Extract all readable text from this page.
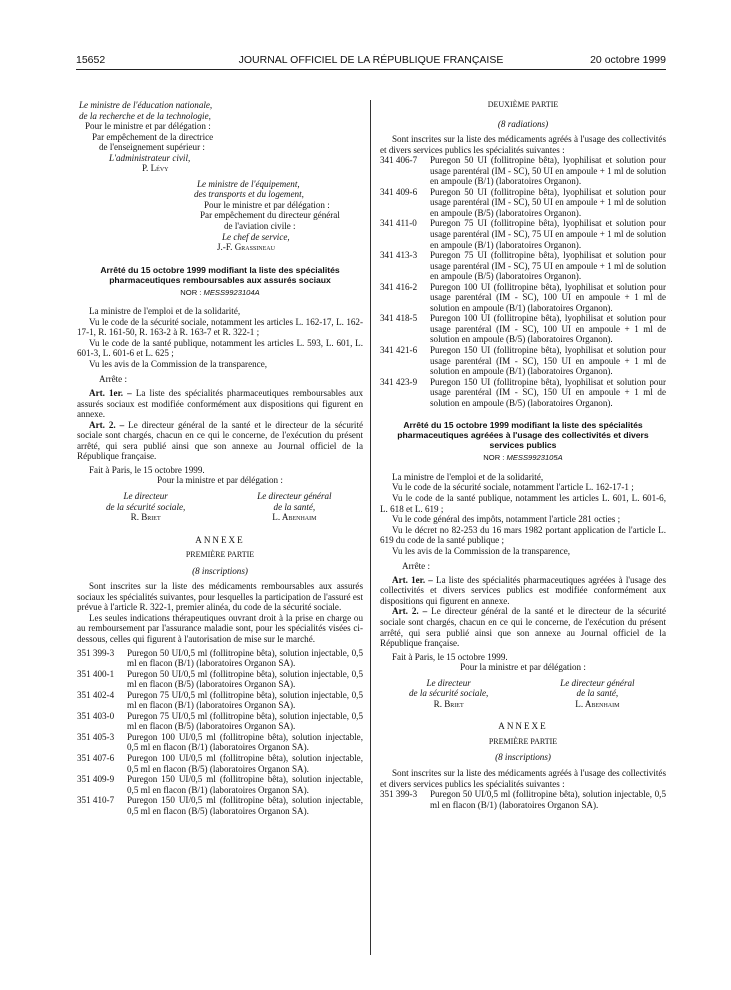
15652	JOURNAL OFFICIEL DE LA RÉPUBLIQUE FRANÇAISE	20 octobre 1999
Le ministre de l'éducation nationale,
de la recherche et de la technologie,
Pour le ministre et par délégation :
Par empêchement de la directrice
de l'enseignement supérieur :
L'administrateur civil,
P. Lévy
Le ministre de l'équipement,
des transports et du logement,
Pour le ministre et par délégation :
Par empêchement du directeur général
de l'aviation civile :
Le chef de service,
J.-F. Grassineau
Arrêté du 15 octobre 1999 modifiant la liste des spécialités pharmaceutiques remboursables aux assurés sociaux
NOR : MESS9923104A
La ministre de l'emploi et de la solidarité,
Vu le code de la sécurité sociale, notamment les articles L. 162-17, L. 162-17-1, R. 161-50, R. 163-2 à R. 163-7 et R. 322-1 ;
Vu le code de la santé publique, notamment les articles L. 593, L. 601, L. 601-3, L. 601-6 et L. 625 ;
Vu les avis de la Commission de la transparence,
Arrête :
Art. 1er. – La liste des spécialités pharmaceutiques remboursables aux assurés sociaux est modifiée conformément aux dispositions qui figurent en annexe.
Art. 2. – Le directeur général de la santé et le directeur de la sécurité sociale sont chargés, chacun en ce qui le concerne, de l'exécution du présent arrêté, qui sera publié ainsi que son annexe au Journal officiel de la République française.
Fait à Paris, le 15 octobre 1999.
Pour la ministre et par délégation :
Le directeur
de la sécurité sociale,
R. Briet
Le directeur général
de la santé,
L. Abenhaim
ANNEXE
PREMIÈRE PARTIE
(8 inscriptions)
Sont inscrites sur la liste des médicaments remboursables aux assurés sociaux les spécialités suivantes, pour lesquelles la participation de l'assuré est prévue à l'article R. 322-1, premier alinéa, du code de la sécurité sociale.
Les seules indications thérapeutiques ouvrant droit à la prise en charge ou au remboursement par l'assurance maladie sont, pour les spécialités visées ci-dessous, celles qui figurent à l'autorisation de mise sur le marché.
351 399-3	Puregon 50 UI/0,5 ml (follitropine bêta), solution injectable, 0,5 ml en flacon (B/1) (laboratoires Organon SA).
351 400-1	Puregon 50 UI/0,5 ml (follitropine bêta), solution injectable, 0,5 ml en flacon (B/5) (laboratoires Organon SA).
351 402-4	Puregon 75 UI/0,5 ml (follitropine bêta), solution injectable, 0,5 ml en flacon (B/1) (laboratoires Organon SA).
351 403-0	Puregon 75 UI/0,5 ml (follitropine bêta), solution injectable, 0,5 ml en flacon (B/5) (laboratoires Organon SA).
351 405-3	Puregon 100 UI/0,5 ml (follitropine bêta), solution injectable, 0,5 ml en flacon (B/1) (laboratoires Organon SA).
351 407-6	Puregon 100 UI/0,5 ml (follitropine bêta), solution injectable, 0,5 ml en flacon (B/5) (laboratoires Organon SA).
351 409-9	Puregon 150 UI/0,5 ml (follitropine bêta), solution injectable, 0,5 ml en flacon (B/1) (laboratoires Organon SA).
351 410-7	Puregon 150 UI/0,5 ml (follitropine bêta), solution injectable, 0,5 ml en flacon (B/5) (laboratoires Organon SA).
DEUXIÈME PARTIE
(8 radiations)
Sont inscrites sur la liste des médicaments agréés à l'usage des collectivités et divers services publics les spécialités suivantes :
341 406-7	Puregon 50 UI (follitropine bêta), lyophilisat et solution pour usage parentéral (IM - SC), 50 UI en ampoule + 1 ml de solution en ampoule (B/1) (laboratoires Organon).
341 409-6	Puregon 50 UI (follitropine bêta), lyophilisat et solution pour usage parentéral (IM - SC), 50 UI en ampoule + 1 ml de solution en ampoule (B/5) (laboratoires Organon).
341 411-0	Puregon 75 UI (follitropine bêta), lyophilisat et solution pour usage parentéral (IM - SC), 75 UI en ampoule + 1 ml de solution en ampoule (B/1) (laboratoires Organon).
341 413-3	Puregon 75 UI (follitropine bêta), lyophilisat et solution pour usage parentéral (IM - SC), 75 UI en ampoule + 1 ml de solution en ampoule (B/5) (laboratoires Organon).
341 416-2	Puregon 100 UI (follitropine bêta), lyophilisat et solution pour usage parentéral (IM - SC), 100 UI en ampoule + 1 ml de solution en ampoule (B/1) (laboratoires Organon).
341 418-5	Puregon 100 UI (follitropine bêta), lyophilisat et solution pour usage parentéral (IM - SC), 100 UI en ampoule + 1 ml de solution en ampoule (B/5) (laboratoires Organon).
341 421-6	Puregon 150 UI (follitropine bêta), lyophilisat et solution pour usage parentéral (IM - SC), 150 UI en ampoule + 1 ml de solution en ampoule (B/1) (laboratoires Organon).
341 423-9	Puregon 150 UI (follitropine bêta), lyophilisat et solution pour usage parentéral (IM - SC), 150 UI en ampoule + 1 ml de solution en ampoule (B/5) (laboratoires Organon).
Arrêté du 15 octobre 1999 modifiant la liste des spécialités pharmaceutiques agréées à l'usage des collectivités et divers services publics
NOR : MESS9923105A
La ministre de l'emploi et de la solidarité,
Vu le code de la sécurité sociale, notamment l'article L. 162-17-1 ;
Vu le code de la santé publique, notamment les articles L. 601, L. 601-6, L. 618 et L. 619 ;
Vu le code général des impôts, notamment l'article 281 octies ;
Vu le décret no 82-253 du 16 mars 1982 portant application de l'article L. 619 du code de la santé publique ;
Vu les avis de la Commission de la transparence,
Arrête :
Art. 1er. – La liste des spécialités pharmaceutiques agréées à l'usage des collectivités et divers services publics est modifiée conformément aux dispositions qui figurent en annexe.
Art. 2. – Le directeur général de la santé et le directeur de la sécurité sociale sont chargés, chacun en ce qui le concerne, de l'exécution du présent arrêté, qui sera publié ainsi que son annexe au Journal officiel de la République française.
Fait à Paris, le 15 octobre 1999.
Pour la ministre et par délégation :
Le directeur
de la sécurité sociale,
R. Briet
Le directeur général
de la santé,
L. Abenhaim
ANNEXE
PREMIÈRE PARTIE
(8 inscriptions)
Sont inscrites sur la liste des médicaments agréés à l'usage des collectivités et divers services publics les spécialités suivantes :
351 399-3	Puregon 50 UI/0,5 ml (follitropine bêta), solution injectable, 0,5 ml en flacon (B/1) (laboratoires Organon SA).
